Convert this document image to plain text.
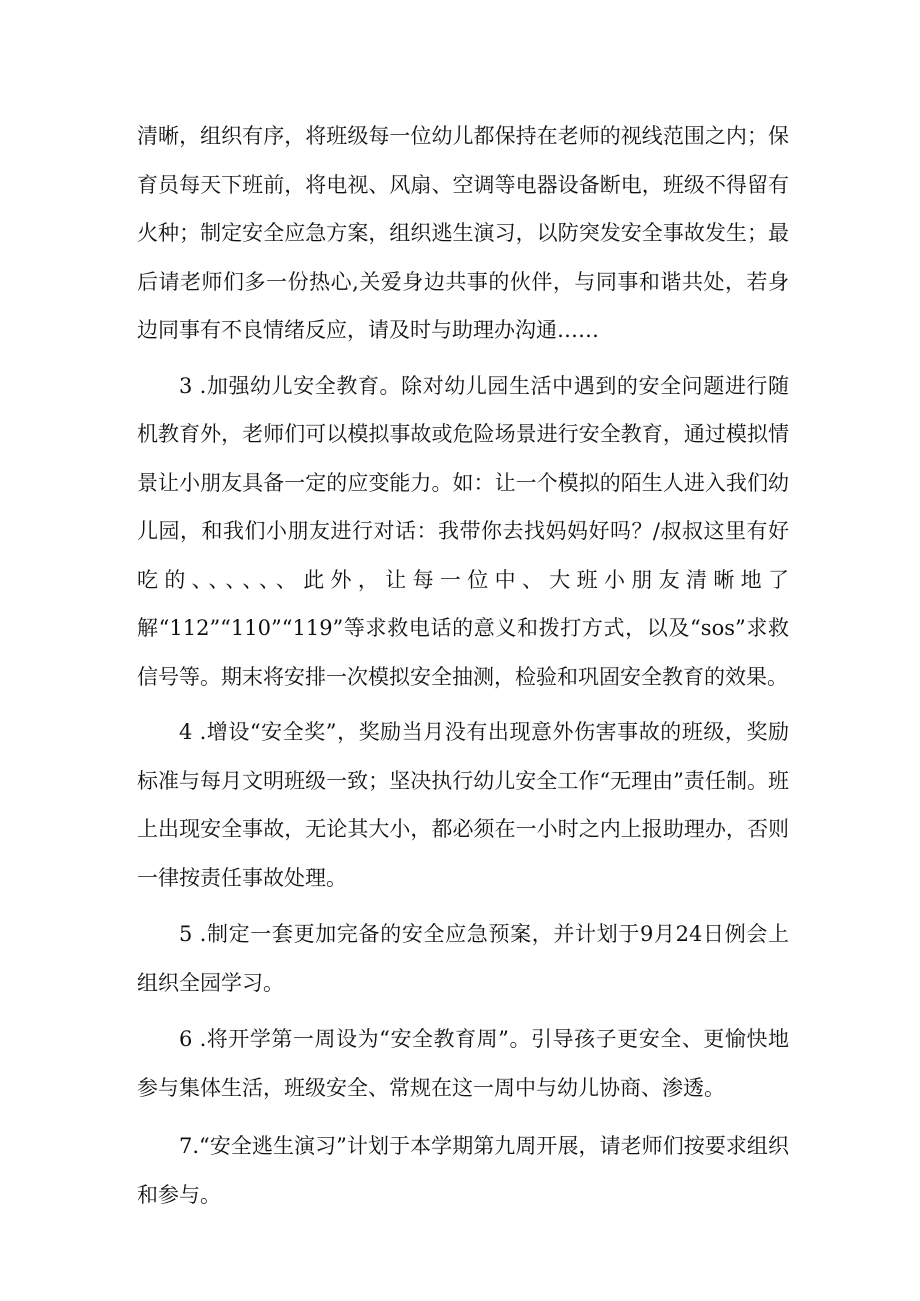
清晰，组织有序，将班级每一位幼儿都保持在老师的视线范围之内；保育员每天下班前，将电视、风扇、空调等电器设备断电，班级不得留有火种；制定安全应急方案，组织逃生演习，以防突发安全事故发生；最后请老师们多一份热心,关爱身边共事的伙伴，与同事和谐共处，若身边同事有不良情绪反应，请及时与助理办沟通……

3 .加强幼儿安全教育。除对幼儿园生活中遇到的安全问题进行随机教育外，老师们可以模拟事故或危险场景进行安全教育，通过模拟情景让小朋友具备一定的应变能力。如：让一个模拟的陌生人进入我们幼儿园，和我们小朋友进行对话：我带你去找妈妈好吗？/叔叔这里有好吃的、、、、、、此外，让每一位中、大班小朋友清晰地了解“112”“110”“119”等求救电话的意义和拨打方式，以及“sos”求救信号等。期末将安排一次模拟安全抽测，检验和巩固安全教育的效果。

4 .增设“安全奖”，奖励当月没有出现意外伤害事故的班级，奖励标准与每月文明班级一致；坚决执行幼儿安全工作“无理由”责任制。班上出现安全事故，无论其大小，都必须在一小时之内上报助理办，否则一律按责任事故处理。

5 .制定一套更加完备的安全应急预案，并计划于9月24日例会上组织全园学习。

6 .将开学第一周设为“安全教育周”。引导孩子更安全、更愉快地参与集体生活，班级安全、常规在这一周中与幼儿协商、渗透。

7.“安全逃生演习”计划于本学期第九周开展，请老师们按要求组织和参与。
